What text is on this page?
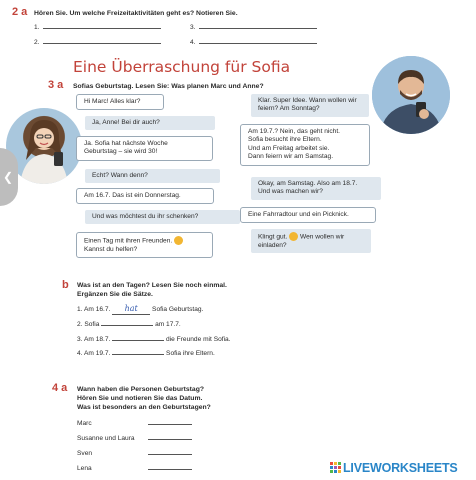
2 a Hören Sie. Um welche Freizeitaktivitäten geht es? Notieren Sie.
1.	3.
2.	4.
Eine Überraschung für Sofia
3 a Sofias Geburtstag. Lesen Sie: Was planen Marc und Anne?
Hi Marc! Alles klar?
Ja, Anne! Bei dir auch?
Ja. Sofia hat nächste Woche
Geburtstag – sie wird 30!
Echt? Wann denn?
Am 16.7. Das ist ein Donnerstag.
Und was möchtest du ihr schenken?
Einen Tag mit ihren Freunden.
Kannst du helfen?
Klar. Super Idee. Wann wollen wir
feiern? Am Sonntag?
Am 19.7.? Nein, das geht nicht.
Sofia besucht ihre Eltern.
Und am Freitag arbeitet sie.
Dann feiern wir am Samstag.
Okay, am Samstag. Also am 18.7.
Und was machen wir?
Eine Fahrradtour und ein Picknick.
Klingt gut. Wen wollen wir
einladen?
❮
b Was ist an den Tagen? Lesen Sie noch einmal.
Ergänzen Sie die Sätze.
1. Am 16.7. hat Sofia Geburtstag.
2. Sofia	am 17.7.
3. Am 18.7.	die Freunde mit Sofia.
4. Am 19.7.	Sofia ihre Eltern.
4 a Wann haben die Personen Geburtstag?
Hören Sie und notieren Sie das Datum.
Was ist besonders an den Geburtstagen?
Marc
Susanne und Laura
Sven
Lena	LIVEWORKSHEETS
